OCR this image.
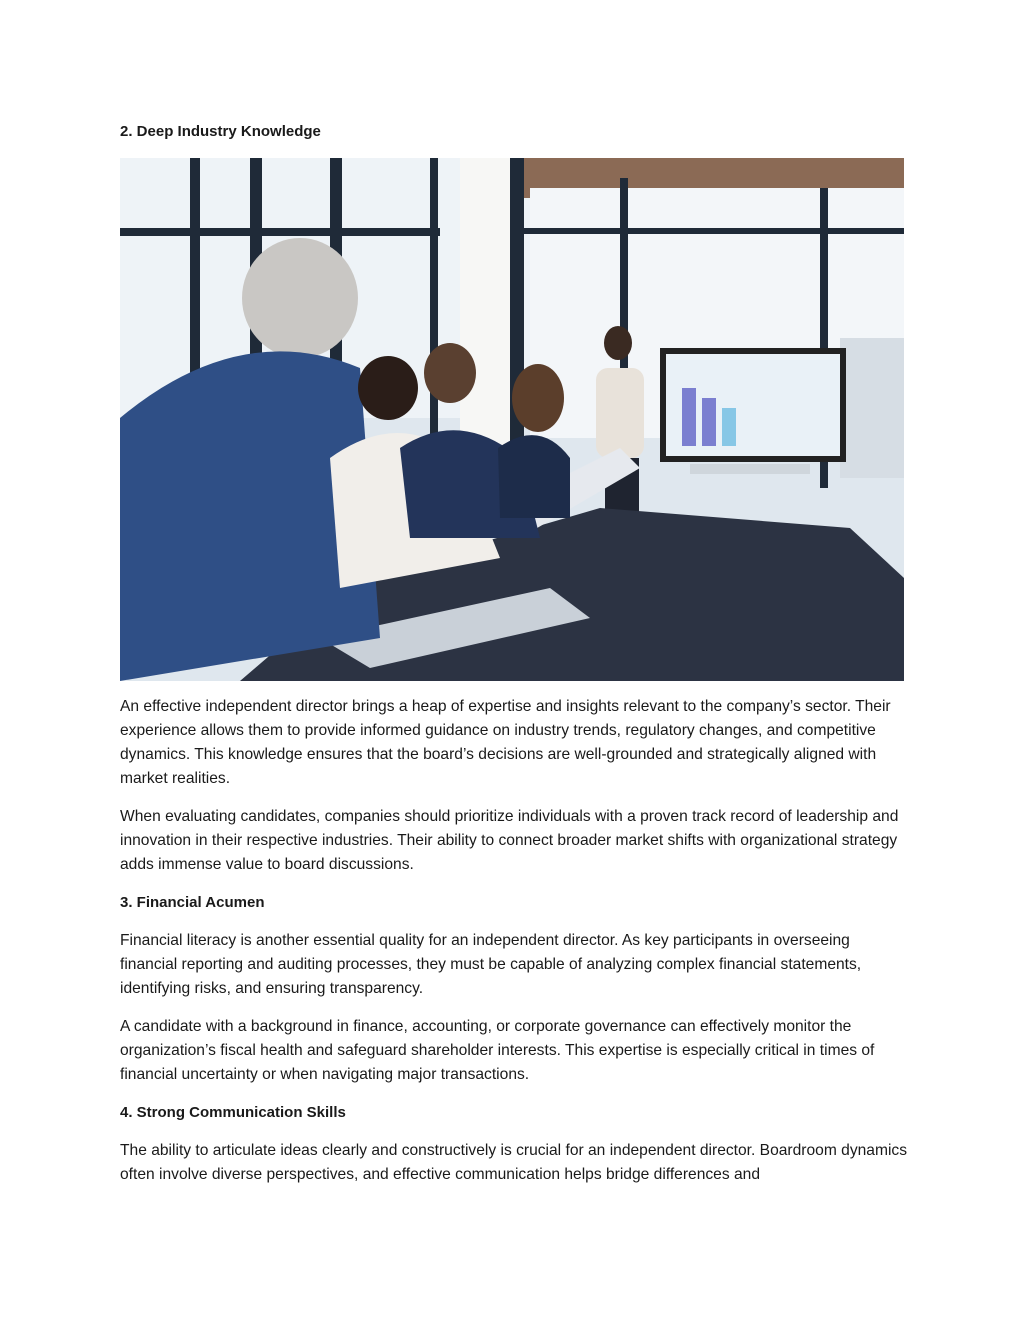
2. Deep Industry Knowledge

An effective independent director brings a heap of expertise and insights relevant to the company’s sector. Their experience allows them to provide informed guidance on industry trends, regulatory changes, and competitive dynamics. This knowledge ensures that the board’s decisions are well-grounded and strategically aligned with market realities.

When evaluating candidates, companies should prioritize individuals with a proven track record of leadership and innovation in their respective industries. Their ability to connect broader market shifts with organizational strategy adds immense value to board discussions.

3. Financial Acumen

Financial literacy is another essential quality for an independent director. As key participants in overseeing financial reporting and auditing processes, they must be capable of analyzing complex financial statements, identifying risks, and ensuring transparency.

A candidate with a background in finance, accounting, or corporate governance can effectively monitor the organization’s fiscal health and safeguard shareholder interests. This expertise is especially critical in times of financial uncertainty or when navigating major transactions.

4. Strong Communication Skills

The ability to articulate ideas clearly and constructively is crucial for an independent director. Boardroom dynamics often involve diverse perspectives, and effective communication helps bridge differences and
